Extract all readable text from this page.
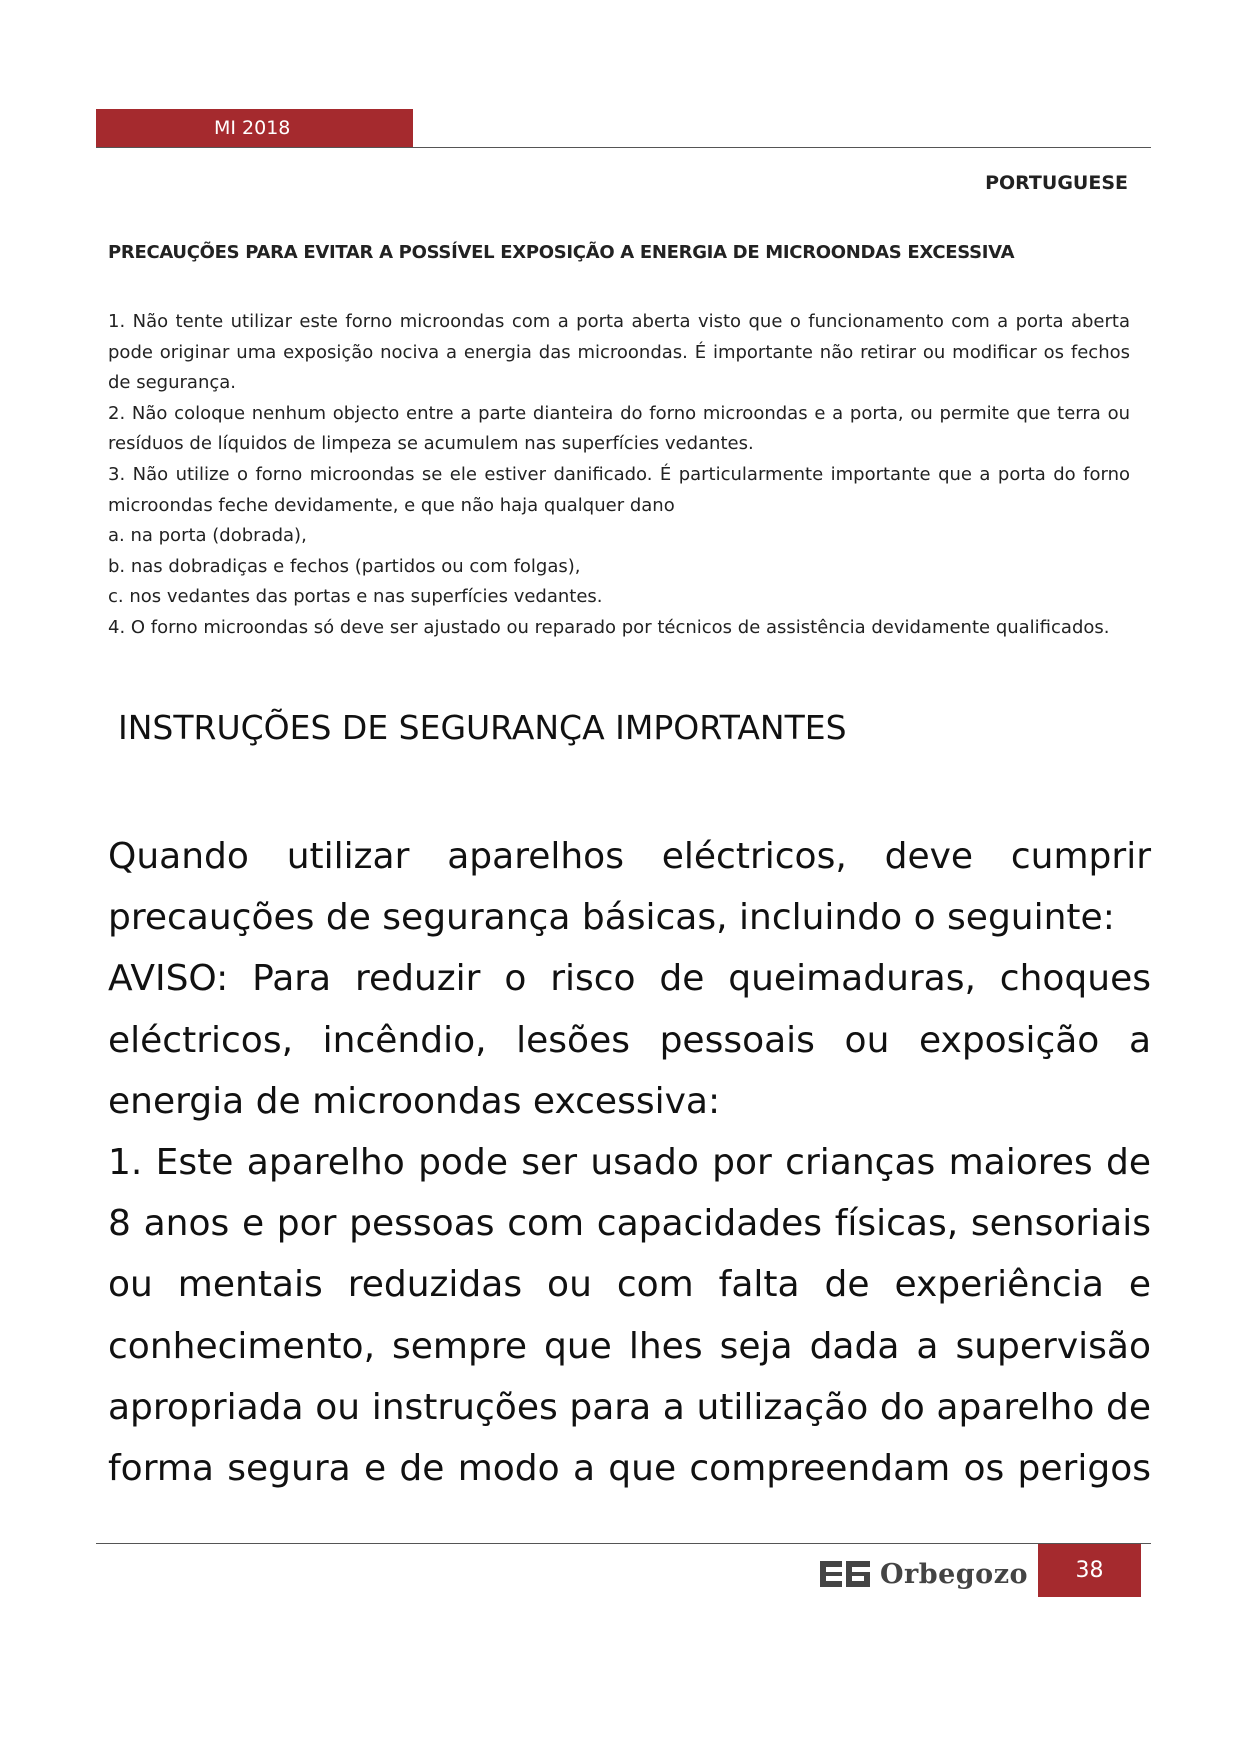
MI 2018
PORTUGUESE
PRECAUÇÕES PARA EVITAR A POSSÍVEL EXPOSIÇÃO A ENERGIA DE MICROONDAS EXCESSIVA

1. Não tente utilizar este forno microondas com a porta aberta visto que o funcionamento com a porta aberta pode originar uma exposição nociva a energia das microondas. É importante não retirar ou modificar os fechos de segurança.

2. Não coloque nenhum objecto entre a parte dianteira do forno microondas e a porta, ou permite que terra ou resíduos de líquidos de limpeza se acumulem nas superfícies vedantes.

3. Não utilize o forno microondas se ele estiver danificado. É particularmente importante que a porta do forno microondas feche devidamente, e que não haja qualquer dano

a. na porta (dobrada),

b. nas dobradiças e fechos (partidos ou com folgas),

c. nos vedantes das portas e nas superfícies vedantes.

4. O forno microondas só deve ser ajustado ou reparado por técnicos de assistência devidamente qualificados.

INSTRUÇÕES DE SEGURANÇA IMPORTANTES

Quando utilizar aparelhos eléctricos, deve cumprir precauções de segurança básicas, incluindo o seguinte:

AVISO: Para reduzir o risco de queimaduras, choques eléctricos, incêndio, lesões pessoais ou exposição a energia de microondas excessiva:

1. Este aparelho pode ser usado por crianças maiores de 8 anos e por pessoas com capacidades físicas, sensoriais ou mentais reduzidas ou com falta de experiência e conhecimento, sempre que lhes seja dada a supervisão apropriada ou instruções para a utilização do aparelho de forma segura e de modo a que compreendam os perigos

Orbegozo 38
